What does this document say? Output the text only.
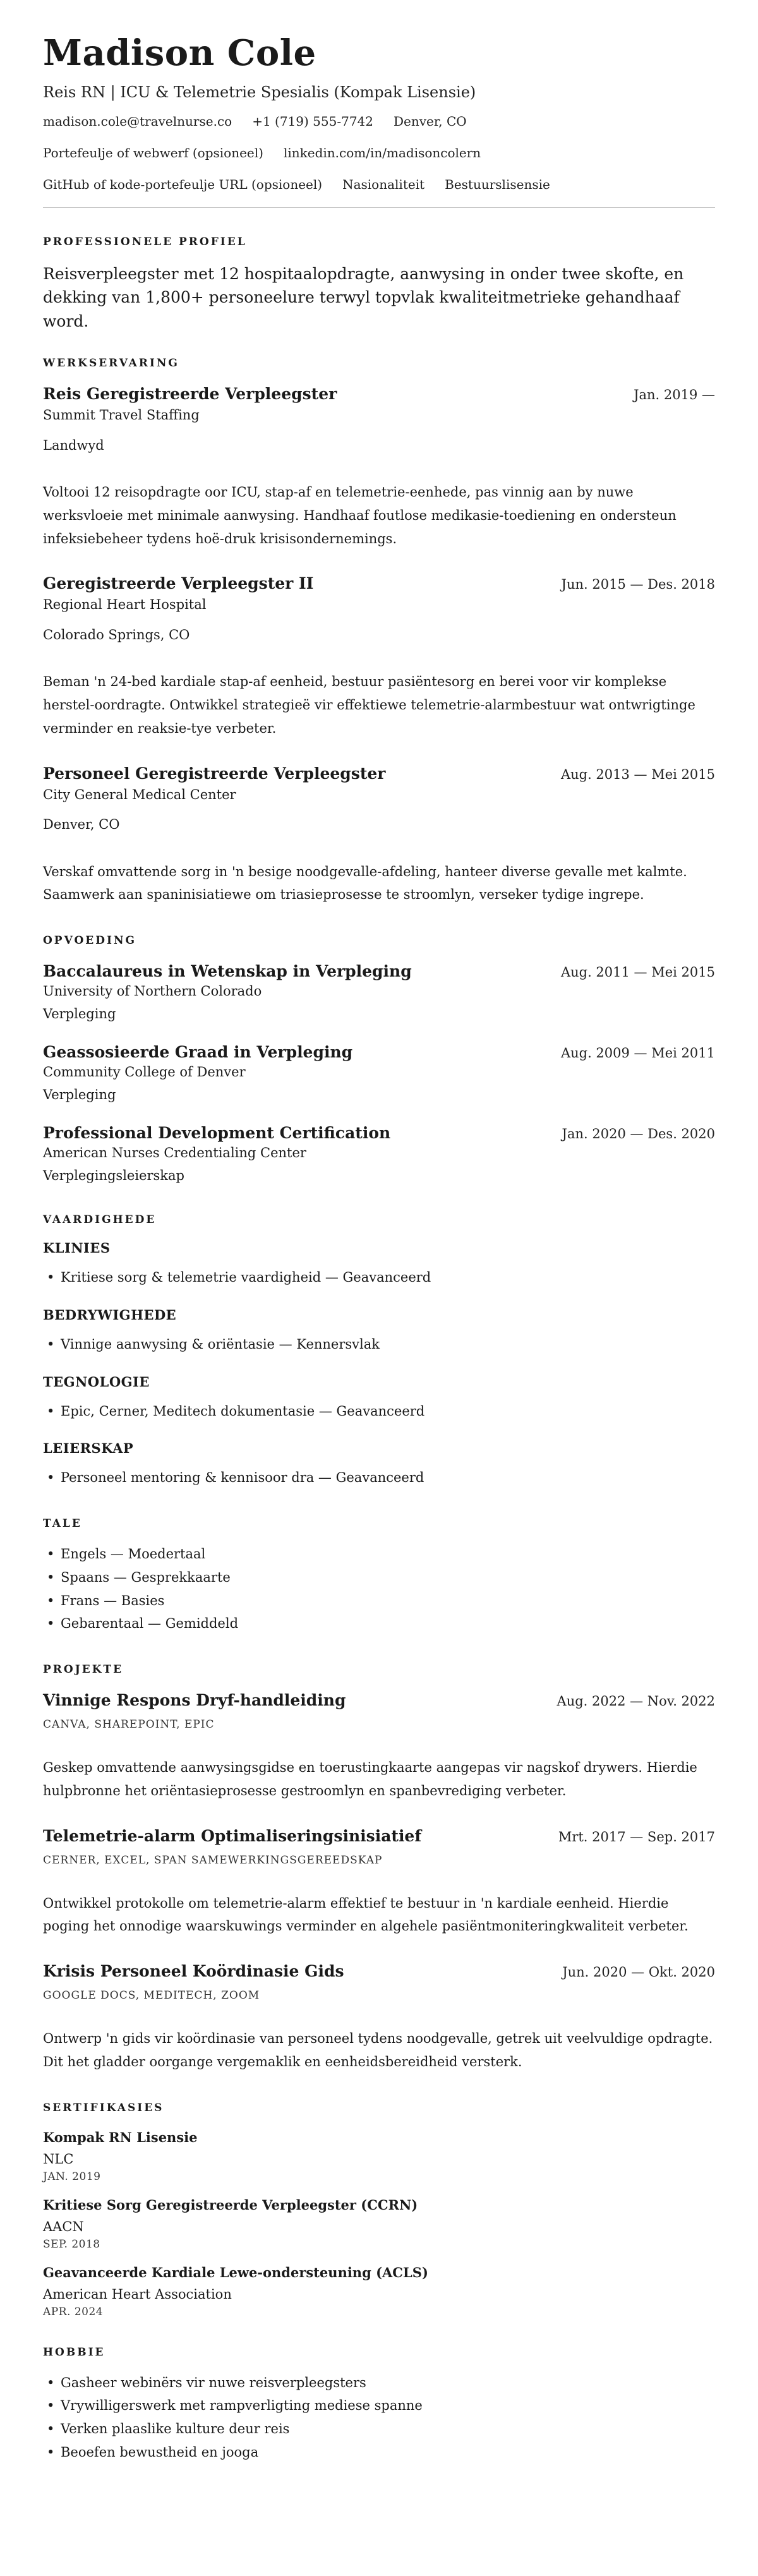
Madison Cole
Reis RN | ICU & Telemetrie Spesialis (Kompak Lisensie)
madison.cole@travelnurse.co +1 (719) 555-7742 Denver, CO
Portefeulje of webwerf (opsioneel) linkedin.com/in/madisoncolern
GitHub of kode-portefeulje URL (opsioneel) Nasionaliteit Bestuurslisensie
PROFESSIONELE PROFIEL

Reisverpleegster met 12 hospitaalopdragte, aanwysing in onder twee skofte, en dekking van 1,800+ personeelure terwyl topvlak kwaliteitmetrieke gehandhaaf word.

WERKSERVARING
Reis Geregistreerde Verpleegster	Jan. 2019 —
Summit Travel Staffing
Landwyd

Voltooi 12 reisopdragte oor ICU, stap-af en telemetrie-eenhede, pas vinnig aan by nuwe werksvloeie met minimale aanwysing. Handhaaf foutlose medikasie-toediening en ondersteun infeksiebeheer tydens hoë-druk krisisondernemings.

Geregistreerde Verpleegster II	Jun. 2015 — Des. 2018
Regional Heart Hospital
Colorado Springs, CO

Beman 'n 24-bed kardiale stap-af eenheid, bestuur pasiëntesorg en berei voor vir komplekse herstel-oordragte. Ontwikkel strategieë vir effektiewe telemetrie-alarmbestuur wat ontwrigtinge verminder en reaksie-tye verbeter.

Personeel Geregistreerde Verpleegster	Aug. 2013 — Mei 2015
City General Medical Center
Denver, CO

Verskaf omvattende sorg in 'n besige noodgevalle-afdeling, hanteer diverse gevalle met kalmte. Saamwerk aan spaninisiatiewe om triasieprosesse te stroomlyn, verseker tydige ingrepe.

OPVOEDING
Baccalaureus in Wetenskap in Verpleging	Aug. 2011 — Mei 2015
University of Northern Colorado
Verpleging
Geassosieerde Graad in Verpleging	Aug. 2009 — Mei 2011
Community College of Denver
Verpleging
Professional Development Certification	Jan. 2020 — Des. 2020
American Nurses Credentialing Center
Verplegingsleierskap
VAARDIGHEDE
KLINIES
• Kritiese sorg & telemetrie vaardigheid — Geavanceerd
BEDRYWIGHEDE
• Vinnige aanwysing & oriëntasie — Kennersvlak
TEGNOLOGIE
• Epic, Cerner, Meditech dokumentasie — Geavanceerd
LEIERSKAP
• Personeel mentoring & kennisoor dra — Geavanceerd
TALE
• Engels — Moedertaal
• Spaans — Gesprekkaarte
• Frans — Basies
• Gebarentaal — Gemiddeld
PROJEKTE
Vinnige Respons Dryf-handleiding	Aug. 2022 — Nov. 2022
CANVA, SHAREPOINT, EPIC

Geskep omvattende aanwysingsgidse en toerustingkaarte aangepas vir nagskof drywers. Hierdie hulpbronne het oriëntasieprosesse gestroomlyn en spanbevrediging verbeter.

Telemetrie-alarm Optimaliseringsinisiatief	Mrt. 2017 — Sep. 2017
CERNER, EXCEL, SPAN SAMEWERKINGSGEREEDSKAP

Ontwikkel protokolle om telemetrie-alarm effektief te bestuur in 'n kardiale eenheid. Hierdie poging het onnodige waarskuwings verminder en algehele pasiëntmoniteringkwaliteit verbeter.

Krisis Personeel Koördinasie Gids	Jun. 2020 — Okt. 2020
GOOGLE DOCS, MEDITECH, ZOOM

Ontwerp 'n gids vir koördinasie van personeel tydens noodgevalle, getrek uit veelvuldige opdragte. Dit het gladder oorgange vergemaklik en eenheidsbereidheid versterk.

SERTIFIKASIES
Kompak RN Lisensie
NLC
JAN. 2019
Kritiese Sorg Geregistreerde Verpleegster (CCRN)
AACN
SEP. 2018
Geavanceerde Kardiale Lewe-ondersteuning (ACLS)
American Heart Association
APR. 2024
HOBBIE
• Gasheer webinërs vir nuwe reisverpleegsters
• Vrywilligerswerk met rampverligting mediese spanne
• Verken plaaslike kulture deur reis
• Beoefen bewustheid en jooga
